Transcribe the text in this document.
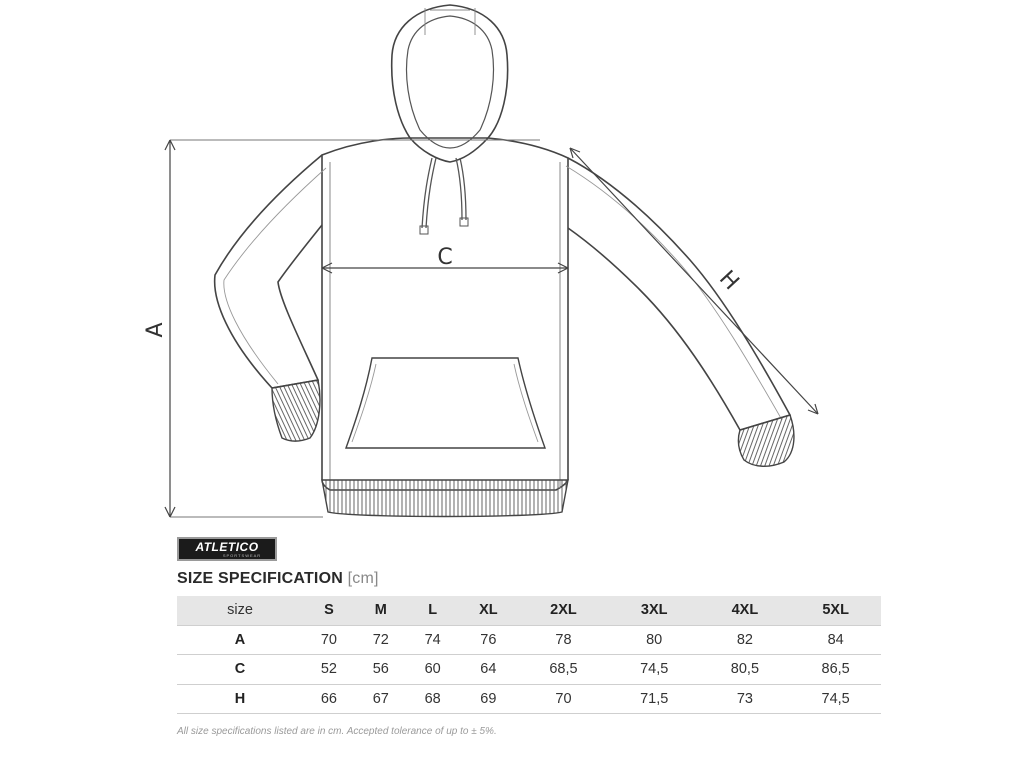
A
C
H
ATLETICO
SPORTSWEAR
SIZE SPECIFICATION [cm]
size	S	M	L	XL	2XL	3XL	4XL	5XL
A	70	72	74	76	78	80	82	84
C	52	56	60	64	68,5	74,5	80,5	86,5
H	66	67	68	69	70	71,5	73	74,5
All size specifications listed are in cm. Accepted tolerance of up to ± 5%.
